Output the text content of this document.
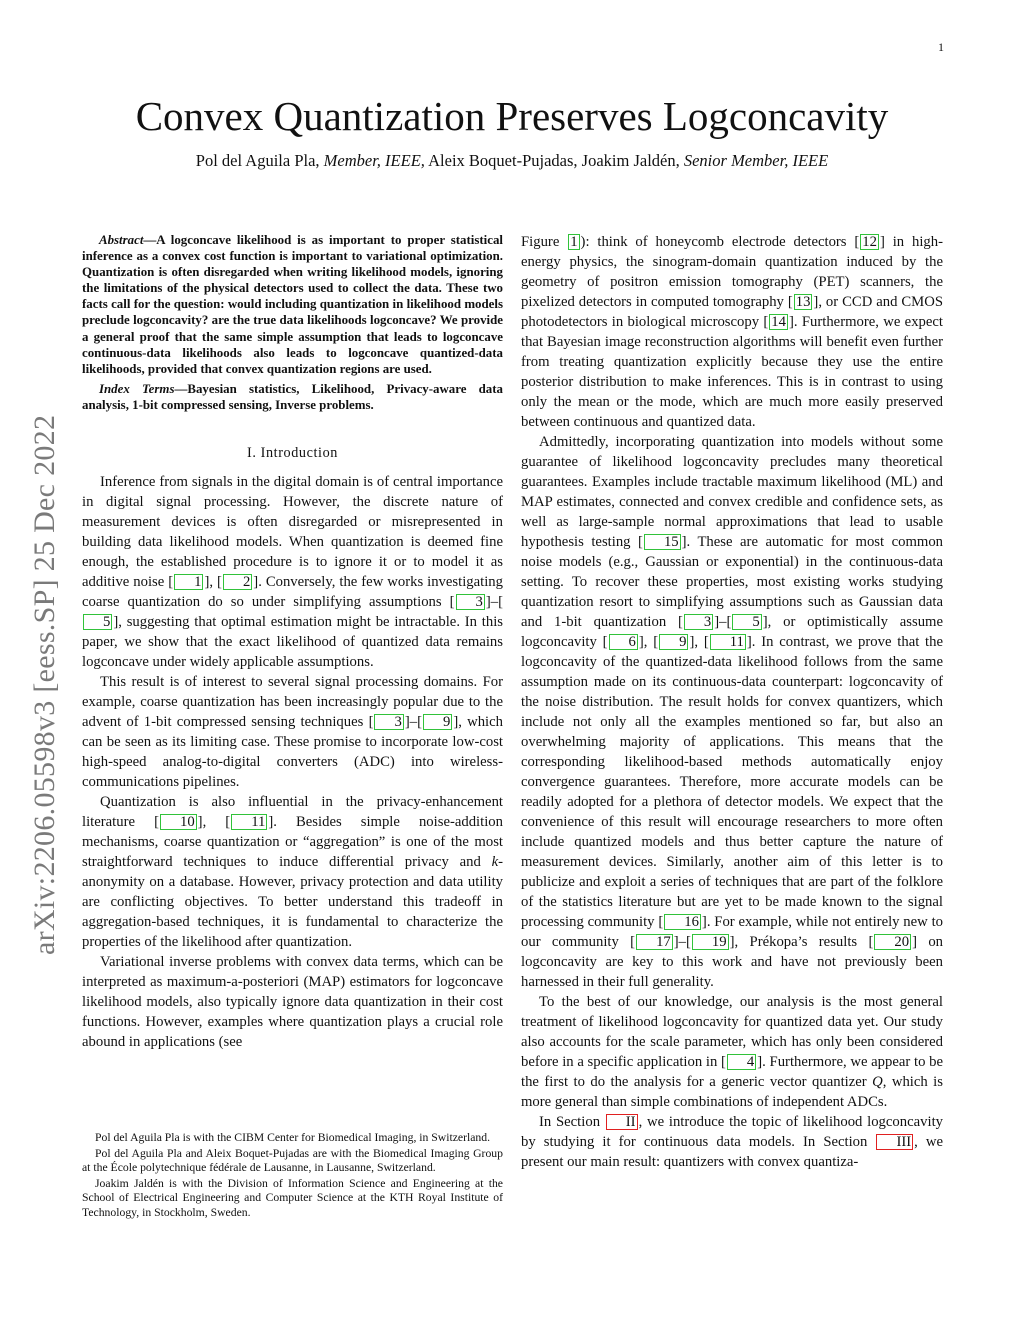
1
arXiv:2206.05598v3 [eess.SP] 25 Dec 2022
Convex Quantization Preserves Logconcavity
Pol del Aguila Pla, Member, IEEE, Aleix Boquet-Pujadas, Joakim Jaldén, Senior Member, IEEE

Abstract—A logconcave likelihood is as important to proper statistical inference as a convex cost function is important to variational optimization. Quantization is often disregarded when writing likelihood models, ignoring the limitations of the physical detectors used to collect the data. These two facts call for the question: would including quantization in likelihood models preclude logconcavity? are the true data likelihoods logconcave? We provide a general proof that the same simple assumption that leads to logconcave continuous-data likelihoods also leads to logconcave quantized-data likelihoods, provided that convex quantization regions are used.

Index Terms—Bayesian statistics, Likelihood, Privacy-aware data analysis, 1-bit compressed sensing, Inverse problems.

I. Introduction

Inference from signals in the digital domain is of central importance in digital signal processing. However, the discrete nature of measurement devices is often disregarded or misrepresented in building data likelihood models. When quantization is deemed fine enough, the established procedure is to ignore it or to model it as additive noise [ 1 ], [ 2 ]. Conversely, the few works investigating coarse quantization do so under simplifying assumptions [ 3 ]–[5 ], suggesting that optimal estimation might be intractable. In this paper, we show that the exact likelihood of quantized data remains logconcave under widely applicable assumptions.

This result is of interest to several signal processing domains. For example, coarse quantization has been increasingly popular due to the advent of 1-bit compressed sensing techniques [ 3 ]–[ 9 ], which can be seen as its limiting case. These promise to incorporate low-cost high-speed analog-to-digital converters (ADC) into wireless-communications pipelines.

Quantization is also influential in the privacy-enhancement literature [ 10 ], [ 11 ]. Besides simple noise-addition mechanisms, coarse quantization or “aggregation” is one of the most straightforward techniques to induce differential privacy and k-anonymity on a database. However, privacy protection and data utility are conflicting objectives. To better understand this tradeoff in aggregation-based techniques, it is fundamental to characterize the properties of the likelihood after quantization.

Variational inverse problems with convex data terms, which can be interpreted as maximum-a-posteriori (MAP) estimators for logconcave likelihood models, also typically ignore data quantization in their cost functions. However, examples where quantization plays a crucial role abound in applications (see

Pol del Aguila Pla is with the CIBM Center for Biomedical Imaging, in Switzerland.

Pol del Aguila Pla and Aleix Boquet-Pujadas are with the Biomedical Imaging Group at the École polytechnique fédérale de Lausanne, in Lausanne, Switzerland.

Joakim Jaldén is with the Division of Information Science and Engineering at the School of Electrical Engineering and Computer Science at the KTH Royal Institute of Technology, in Stockholm, Sweden.

Figure 1 ): think of honeycomb electrode detectors [ 12 ] in high-energy physics, the sinogram-domain quantization induced by the geometry of positron emission tomography (PET) scanners, the pixelized detectors in computed tomography [ 13 ], or CCD and CMOS photodetectors in biological microscopy [ 14 ]. Furthermore, we expect that Bayesian image reconstruction algorithms will benefit even further from treating quantization explicitly because they use the entire posterior distribution to make inferences. This is in contrast to using only the mean or the mode, which are much more easily preserved between continuous and quantized data.

Admittedly, incorporating quantization into models without some guarantee of likelihood logconcavity precludes many theoretical guarantees. Examples include tractable maximum likelihood (ML) and MAP estimates, connected and convex credible and confidence sets, as well as large-sample normal approximations that lead to usable hypothesis testing [ 15 ]. These are automatic for most common noise models (e.g., Gaussian or exponential) in the continuous-data setting. To recover these properties, most existing works studying quantization resort to simplifying assumptions such as Gaussian data and 1-bit quantization [ 3 ]–[ 5 ], or optimistically assume logconcavity [ 6 ], [ 9 ], [ 11 ]. In contrast, we prove that the logconcavity of the quantized-data likelihood follows from the same assumption made on its continuous-data counterpart: logconcavity of the noise distribution. The result holds for convex quantizers, which include not only all the examples mentioned so far, but also an overwhelming majority of applications. This means that the corresponding likelihood-based methods automatically enjoy convergence guarantees. Therefore, more accurate models can be readily adopted for a plethora of detector models. We expect that the convenience of this result will encourage researchers to more often include quantized models and thus better capture the nature of measurement devices. Similarly, another aim of this letter is to publicize and exploit a series of techniques that are part of the folklore of the statistics literature but are yet to be made known to the signal processing community [ 16 ]. For example, while not entirely new to our community [ 17 ]–[ 19 ], Prékopa’s results [ 20 ] on logconcavity are key to this work and have not previously been harnessed in their full generality.

To the best of our knowledge, our analysis is the most general treatment of likelihood logconcavity for quantized data yet. Our study also accounts for the scale parameter, which has only been considered before in a specific application in [ 4 ]. Furthermore, we appear to be the first to do the analysis for a generic vector quantizer Q, which is more general than simple combinations of independent ADCs.

In Section II , we introduce the topic of likelihood logconcavity by studying it for continuous data models. In Section III , we present our main result: quantizers with convex quantiza-
